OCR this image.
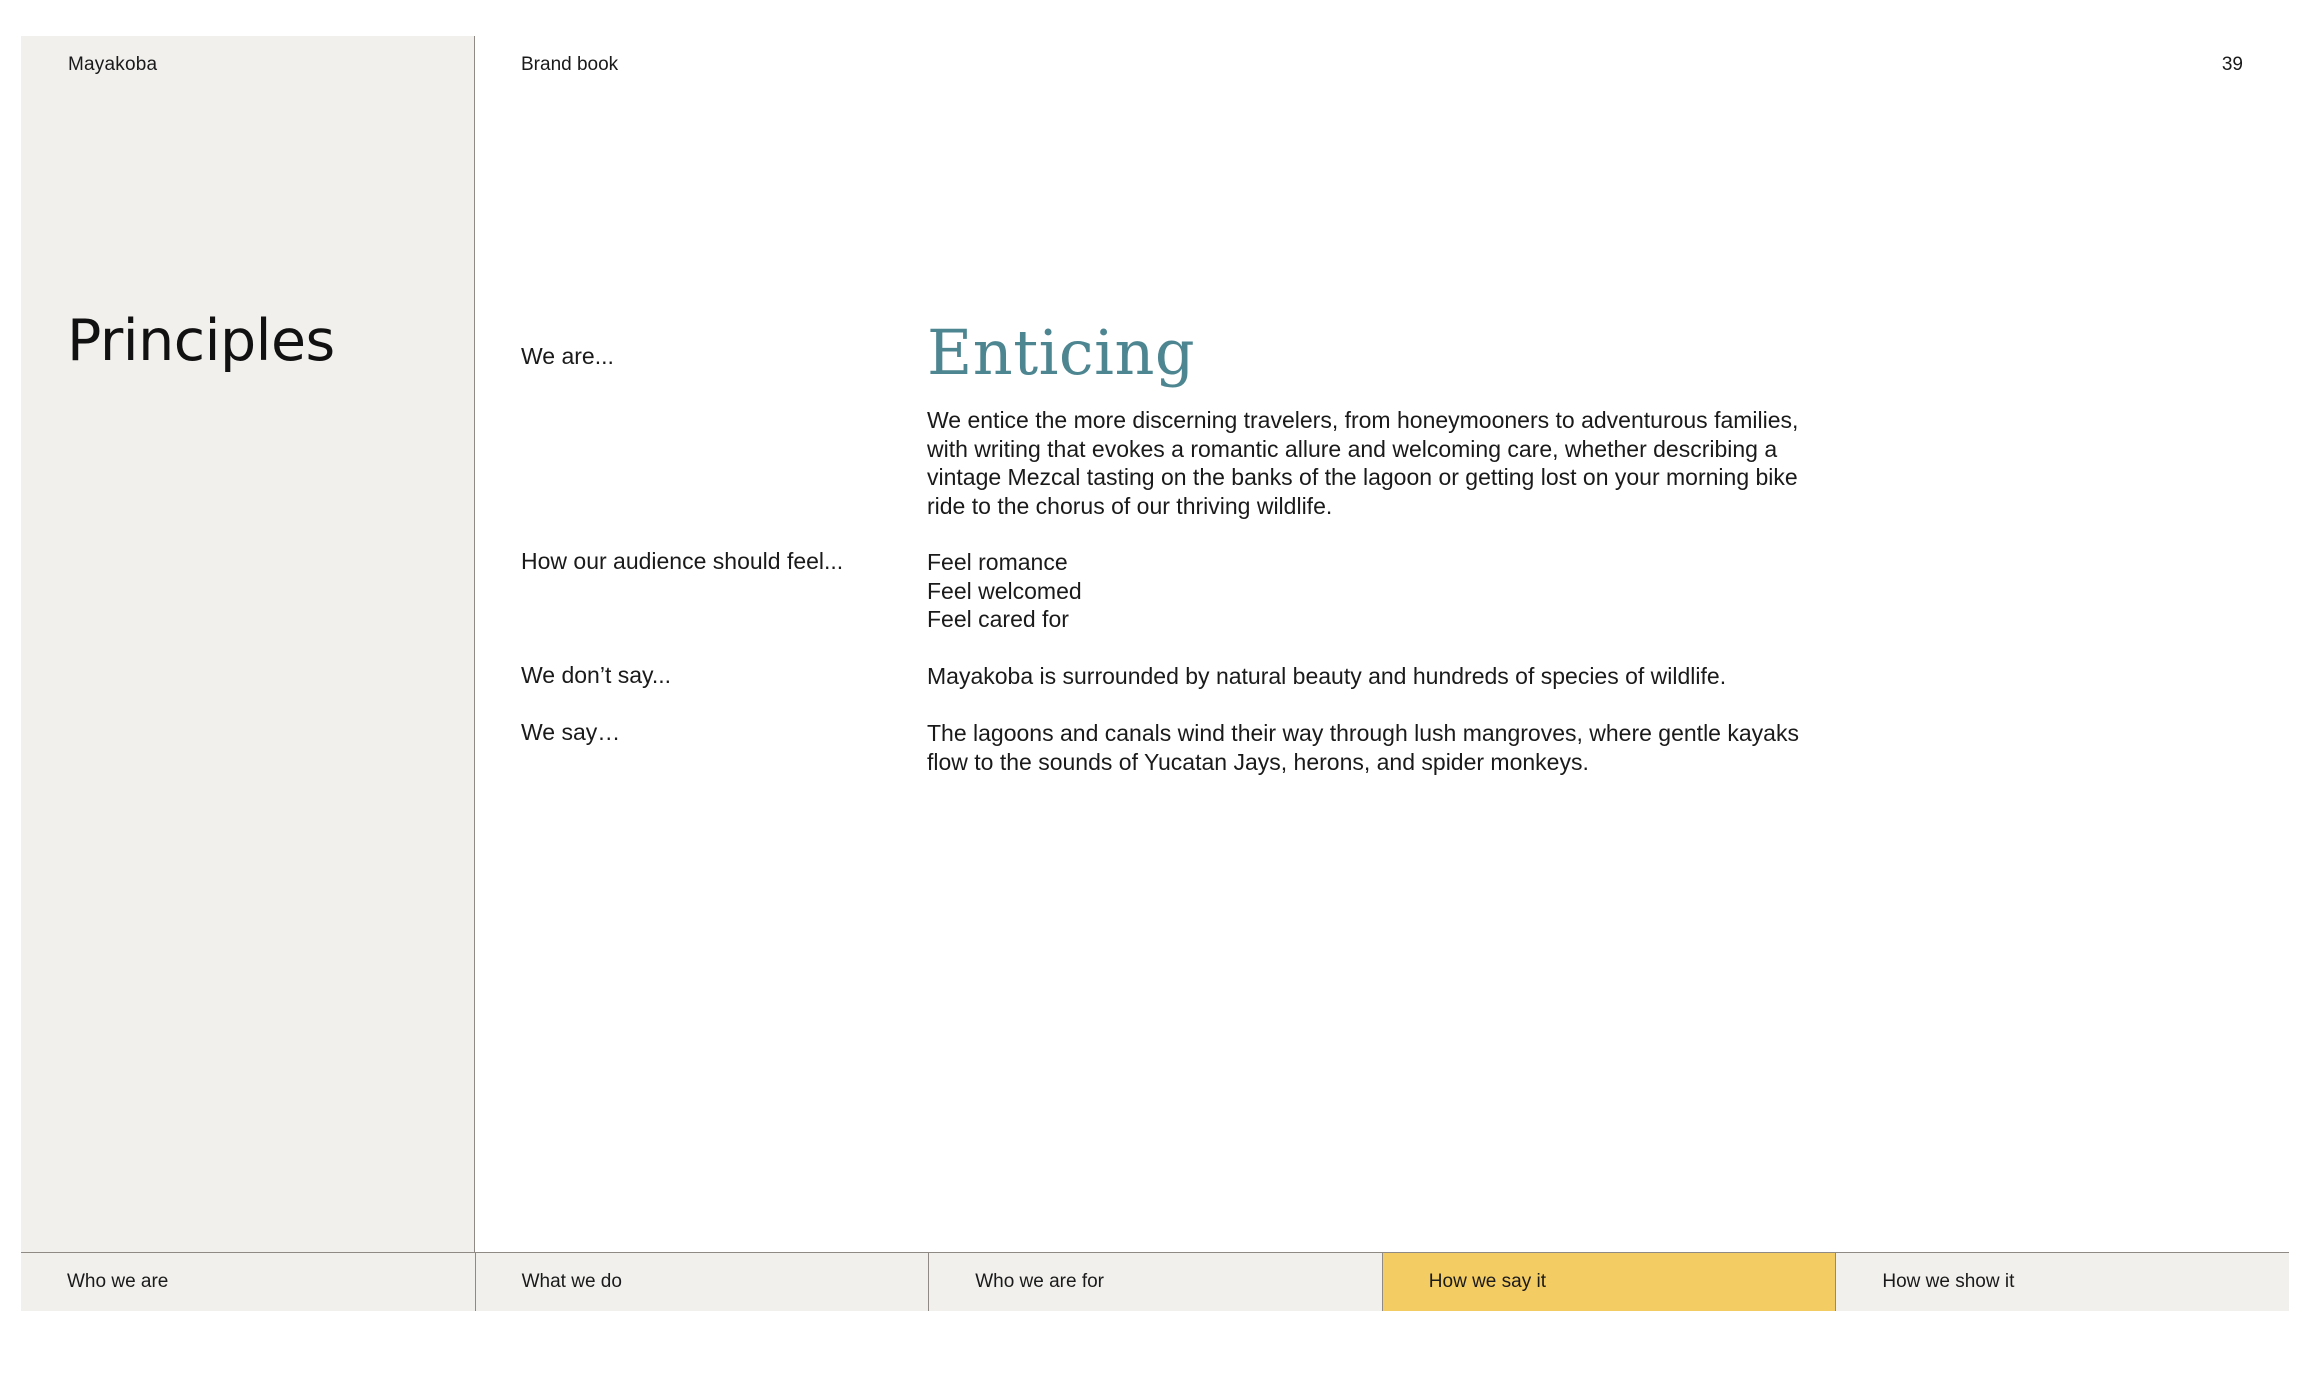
Mayakoba
Principles
Brand book	39
We are...	Enticing
We entice the more discerning travelers, from honeymooners to adventurous families, with writing that evokes a romantic allure and welcoming care, whether describing a vintage Mezcal tasting on the banks of the lagoon or getting lost on your morning bike ride to the chorus of our thriving wildlife.
How our audience should feel...	Feel romance
Feel welcomed
Feel cared for
We don’t say...	Mayakoba is surrounded by natural beauty and hundreds of species of wildlife.
We say…	The lagoons and canals wind their way through lush mangroves, where gentle kayaks flow to the sounds of Yucatan Jays, herons, and spider monkeys.
Who we are	What we do	Who we are for	How we say it	How we show it
